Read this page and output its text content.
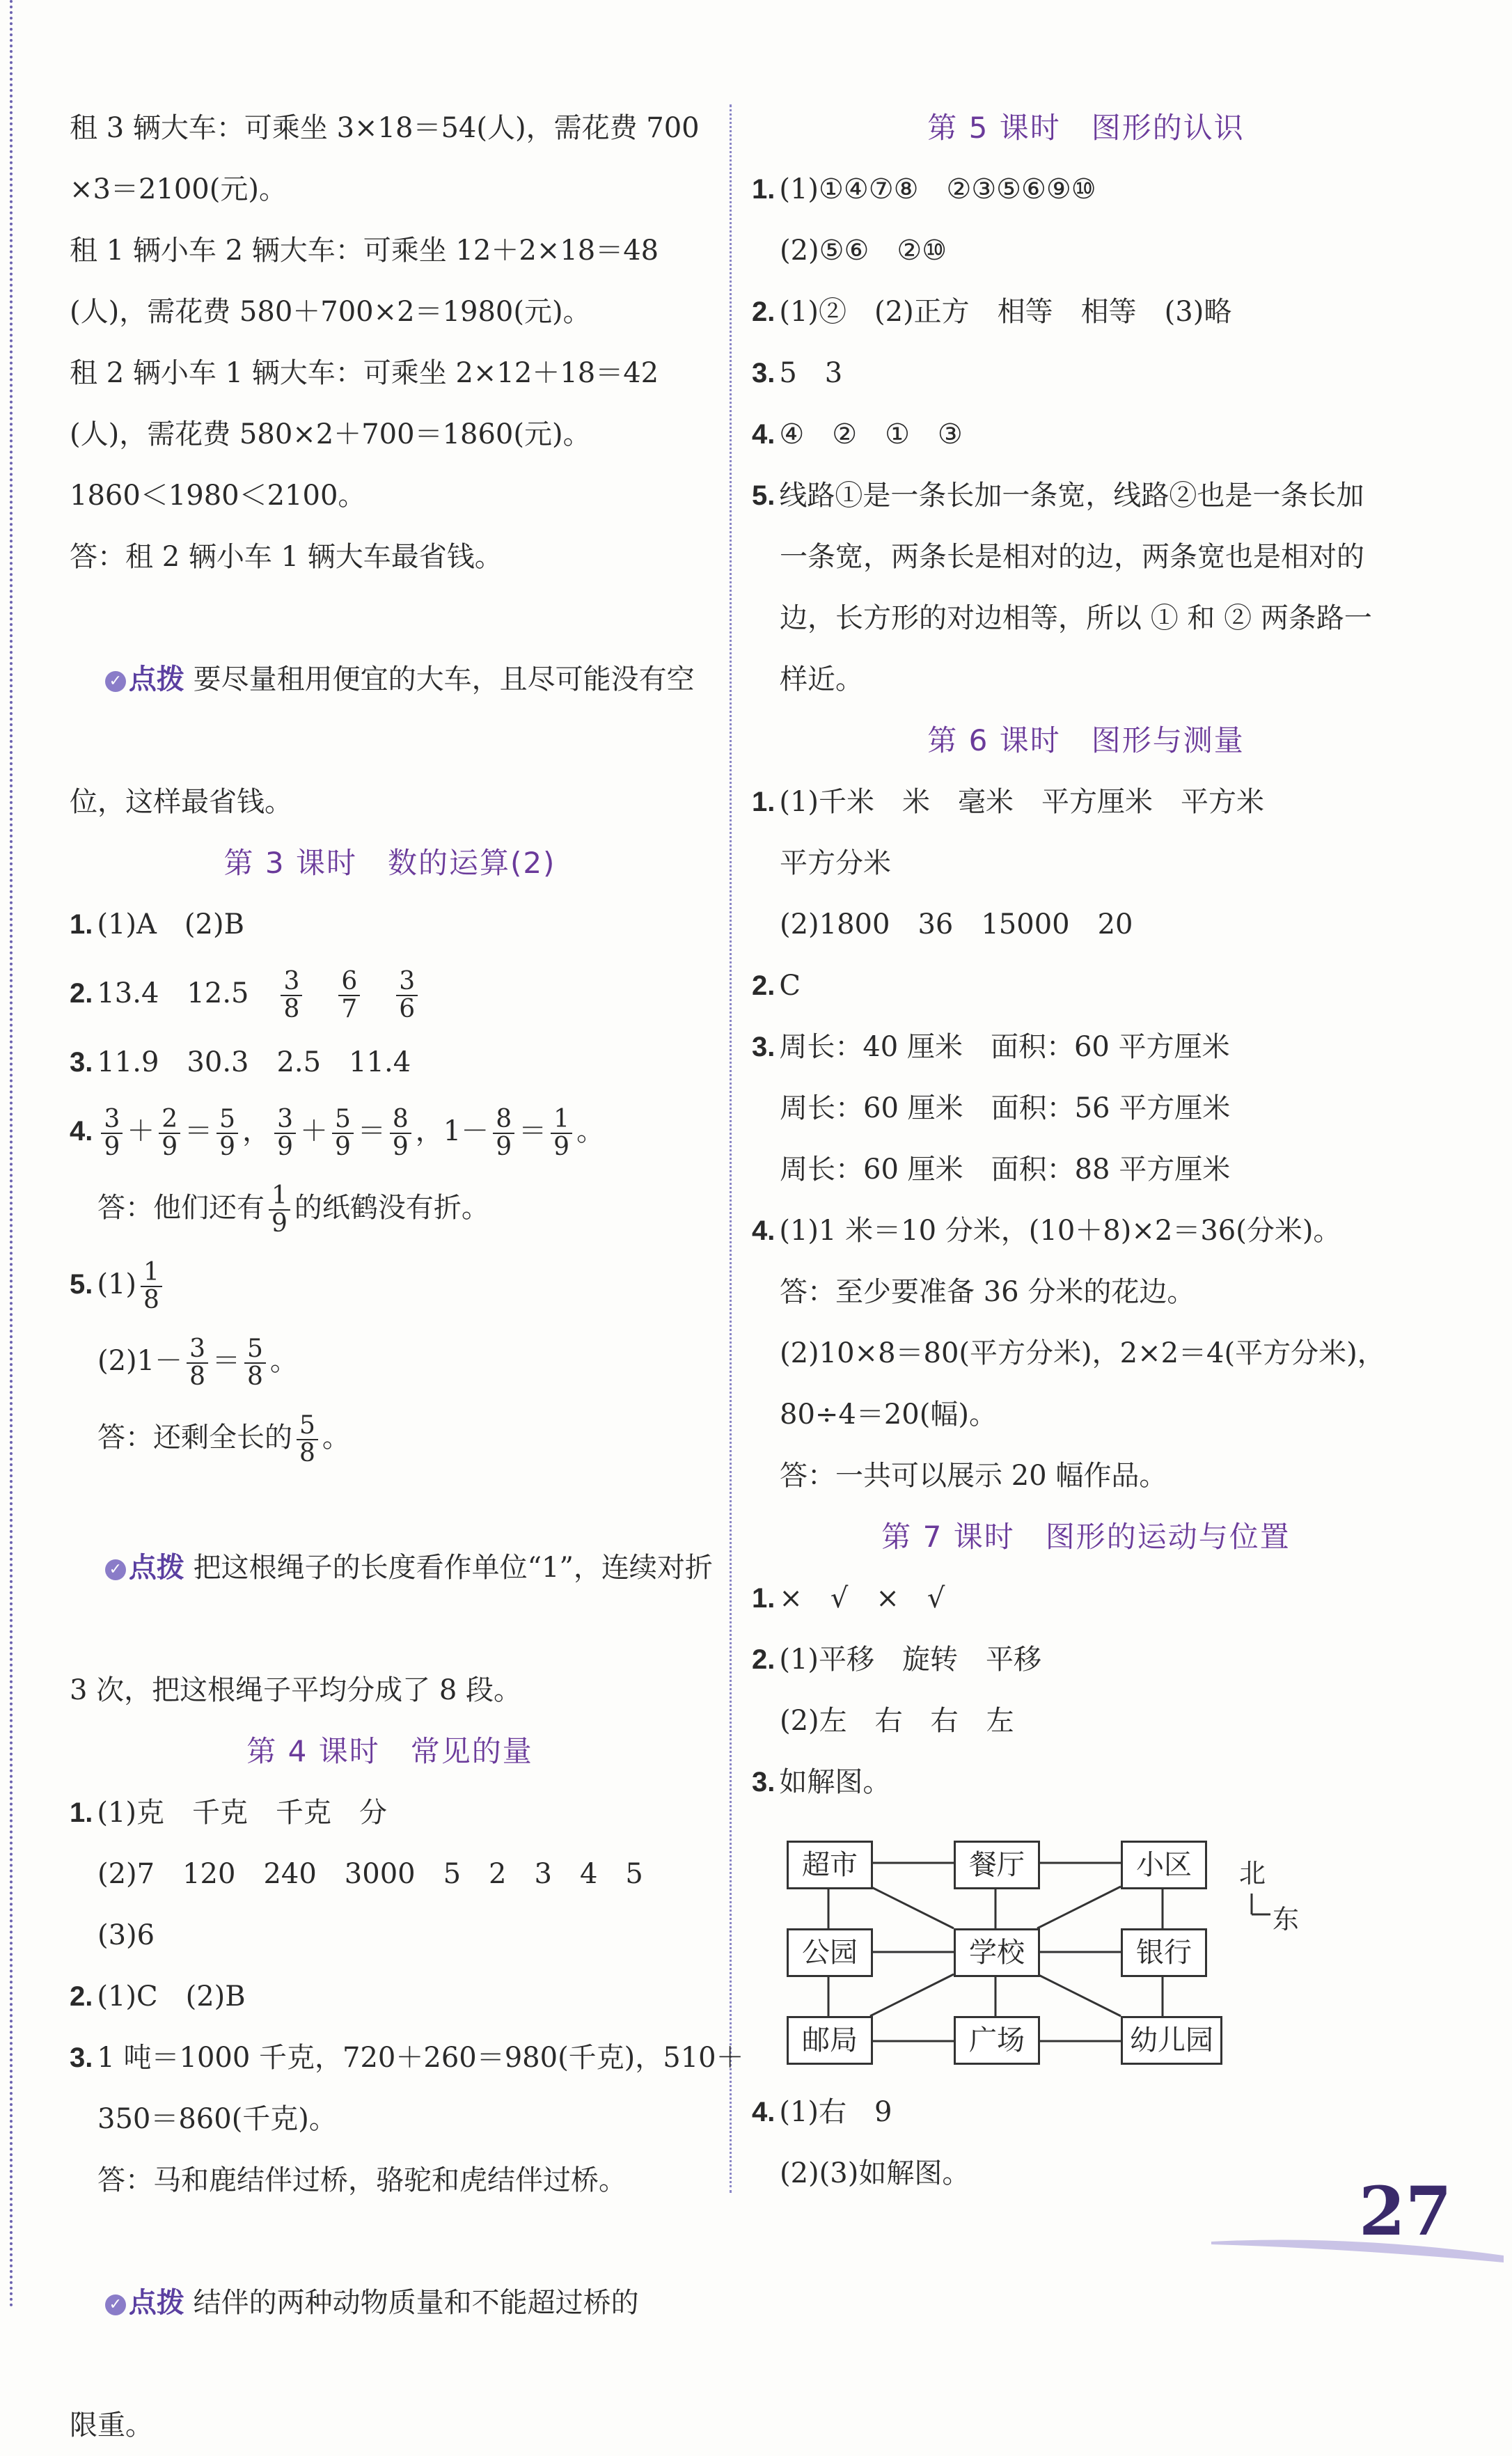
租 3 辆大车：可乘坐 3×18＝54(人)，需花费 700
×3＝2100(元)。
租 1 辆小车 2 辆大车：可乘坐 12＋2×18＝48
(人)，需花费 580＋700×2＝1980(元)。
租 2 辆小车 1 辆大车：可乘坐 2×12＋18＝42
(人)，需花费 580×2＋700＝1860(元)。
1860＜1980＜2100。
答：租 2 辆小车 1 辆大车最省钱。

✓ 点拨 要尽量租用便宜的大车，且尽可能没有空

位，这样最省钱。
第 3 课时　数的运算(2)
1. (1)A　(2)B
2. 13.4　12.5　 $\frac{3}{8}$
　 $\frac{6}{7}$
　 $\frac{3}{6}$
3. 11.9　30.3　2.5　11.4
4. $\frac{3}{9} + \frac{2}{9} = \frac{5}{9}$ ， $\frac{3}{9} + \frac{5}{9} = \frac{8}{9}$ ，$1- \frac{8}{9} = \frac{1}{9}$ 。
答：他们还有 $\frac{1}{9}$ 的纸鹤没有折。
5. $(1) \frac{1}{8}$
$(2)1- \frac{3}{8} = \frac{5}{8}$ 。
答：还剩全长的 $\frac{5}{8}$ 。

✓ 点拨 把这根绳子的长度看作单位“1”，连续对折

3 次，把这根绳子平均分成了 8 段。
第 4 课时　常见的量
1. (1)克　千克　千克　分
(2)7　120　240　3000　5　2　3　4　5
(3)6
2. (1)C　(2)B
3. 1 吨＝1000 千克，720＋260＝980(千克)，510＋
350＝860(千克)。
答：马和鹿结伴过桥，骆驼和虎结伴过桥。

✓ 点拨 结伴的两种动物质量和不能超过桥的

限重。
第 5 课时　图形的认识
1. (1)①④⑦⑧　②③⑤⑥⑨⑩
(2)⑤⑥　②⑩
2. (1)②　(2)正方　相等　相等　(3)略
3. 5　3
4. ④　②　①　③
5. 线路①是一条长加一条宽，线路②也是一条长加
一条宽，两条长是相对的边，两条宽也是相对的
边，长方形的对边相等，所以 ① 和 ② 两条路一
样近。
第 6 课时　图形与测量
1. (1)千米　米　毫米　平方厘米　平方米
平方分米
(2)1800　36　15000　20
2. C
3. 周长：40 厘米　面积：60 平方厘米
周长：60 厘米　面积：56 平方厘米
周长：60 厘米　面积：88 平方厘米
4. (1)1 米＝10 分米，(10＋8)×2＝36(分米)。
答：至少要准备 36 分米的花边。
(2)10×8＝80(平方分米)，2×2＝4(平方分米)，
80÷4＝20(幅)。
答：一共可以展示 20 幅作品。
第 7 课时　图形的运动与位置
1. ×　√　×　√
2. (1)平移　旋转　平移
(2)左　右　右　左
3. 如解图。
超市	餐厅	小区
公园	学校	银行
邮局	广场	幼儿园
北
东
4. (1)右　9
(2)(3)如解图。	27
